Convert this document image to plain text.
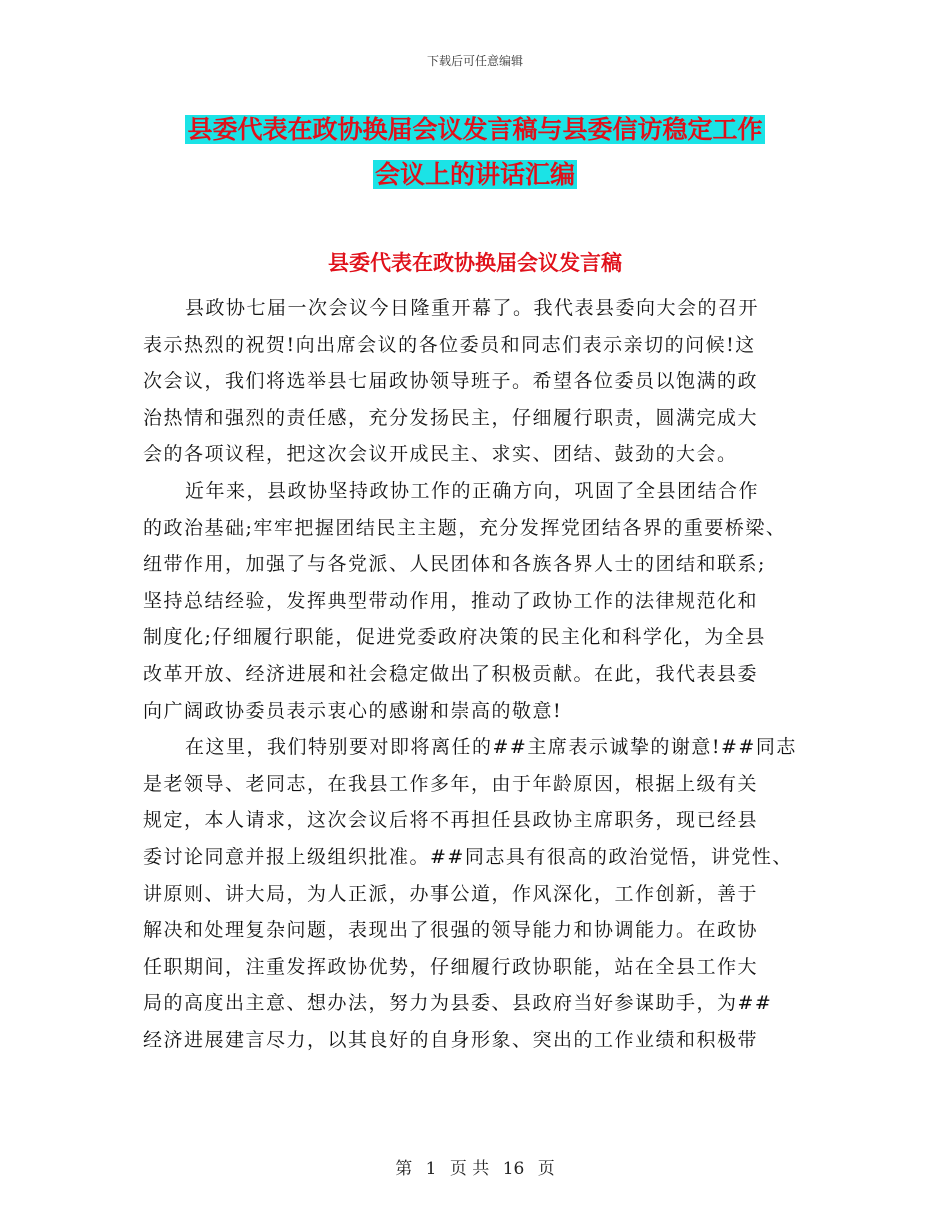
下载后可任意编辑
县委代表在政协换届会议发言稿与县委信访稳定工作
会议上的讲话汇编
县委代表在政协换届会议发言稿

县政协七届一次会议今日隆重开幕了。我代表县委向大会的召开
表示热烈的祝贺!向出席会议的各位委员和同志们表示亲切的问候!这
次会议，我们将选举县七届政协领导班子。希望各位委员以饱满的政
治热情和强烈的责任感，充分发扬民主，仔细履行职责，圆满完成大
会的各项议程，把这次会议开成民主、求实、团结、鼓劲的大会。

近年来，县政协坚持政协工作的正确方向，巩固了全县团结合作
的政治基础;牢牢把握团结民主主题，充分发挥党团结各界的重要桥梁、
纽带作用，加强了与各党派、人民团体和各族各界人士的团结和联系;
坚持总结经验，发挥典型带动作用，推动了政协工作的法律规范化和
制度化;仔细履行职能，促进党委政府决策的民主化和科学化，为全县
改革开放、经济进展和社会稳定做出了积极贡献。在此，我代表县委
向广阔政协委员表示衷心的感谢和崇高的敬意!

在这里，我们特别要对即将离任的##主席表示诚挚的谢意!##同志
是老领导、老同志，在我县工作多年，由于年龄原因，根据上级有关
规定，本人请求，这次会议后将不再担任县政协主席职务，现已经县
委讨论同意并报上级组织批准。##同志具有很高的政治觉悟，讲党性、
讲原则、讲大局，为人正派，办事公道，作风深化，工作创新，善于
解决和处理复杂问题，表现出了很强的领导能力和协调能力。在政协
任职期间，注重发挥政协优势，仔细履行政协职能，站在全县工作大
局的高度出主意、想办法，努力为县委、县政府当好参谋助手，为##
经济进展建言尽力，以其良好的自身形象、突出的工作业绩和积极带

第 1 页 共 16 页
